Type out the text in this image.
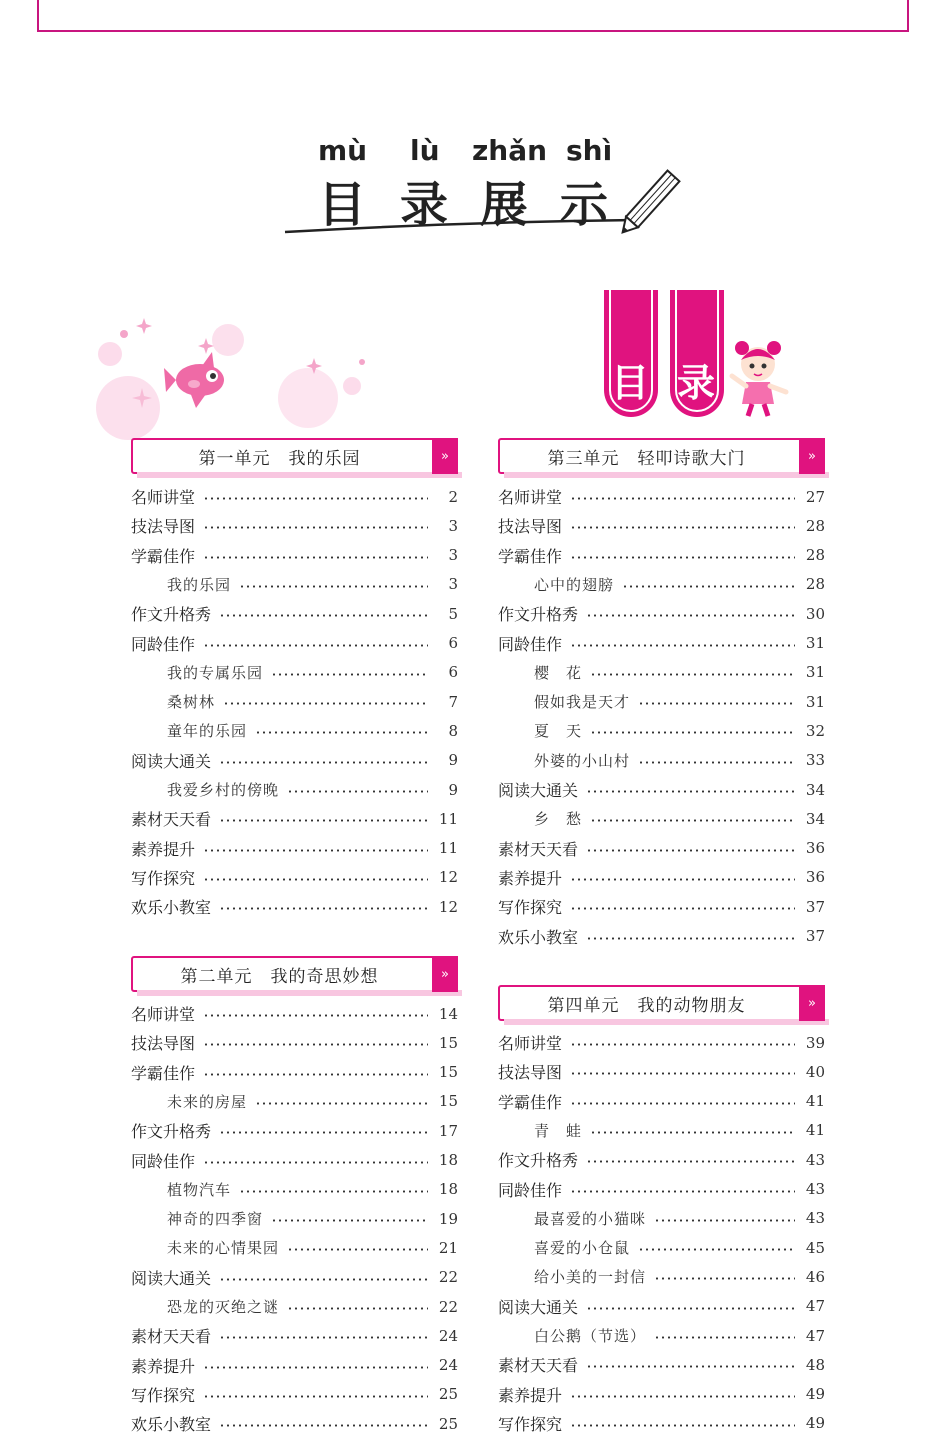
mù lù zhǎn shì
目 录 展 示
目 录
第一单元　我的乐园	»
名师讲堂	2
技法导图	3
学霸佳作	3
我的乐园	3
作文升格秀	5
同龄佳作	6
我的专属乐园	6
桑树林	7
童年的乐园	8
阅读大通关	9
我爱乡村的傍晚	9
素材天天看	11
素养提升	11
写作探究	12
欢乐小教室	12
第二单元　我的奇思妙想	»
名师讲堂	14
技法导图	15
学霸佳作	15
未来的房屋	15
作文升格秀	17
同龄佳作	18
植物汽车	18
神奇的四季窗	19
未来的心情果园	21
阅读大通关	22
恐龙的灭绝之谜	22
素材天天看	24
素养提升	24
写作探究	25
欢乐小教室	25
第三单元　轻叩诗歌大门	»
名师讲堂	27
技法导图	28
学霸佳作	28
心中的翅膀	28
作文升格秀	30
同龄佳作	31
樱　花	31
假如我是天才	31
夏　天	32
外婆的小山村	33
阅读大通关	34
乡　愁	34
素材天天看	36
素养提升	36
写作探究	37
欢乐小教室	37
第四单元　我的动物朋友	»
名师讲堂	39
技法导图	40
学霸佳作	41
青　蛙	41
作文升格秀	43
同龄佳作	43
最喜爱的小猫咪	43
喜爱的小仓鼠	45
给小美的一封信	46
阅读大通关	47
白公鹅（节选）	47
素材天天看	48
素养提升	49
写作探究	49
